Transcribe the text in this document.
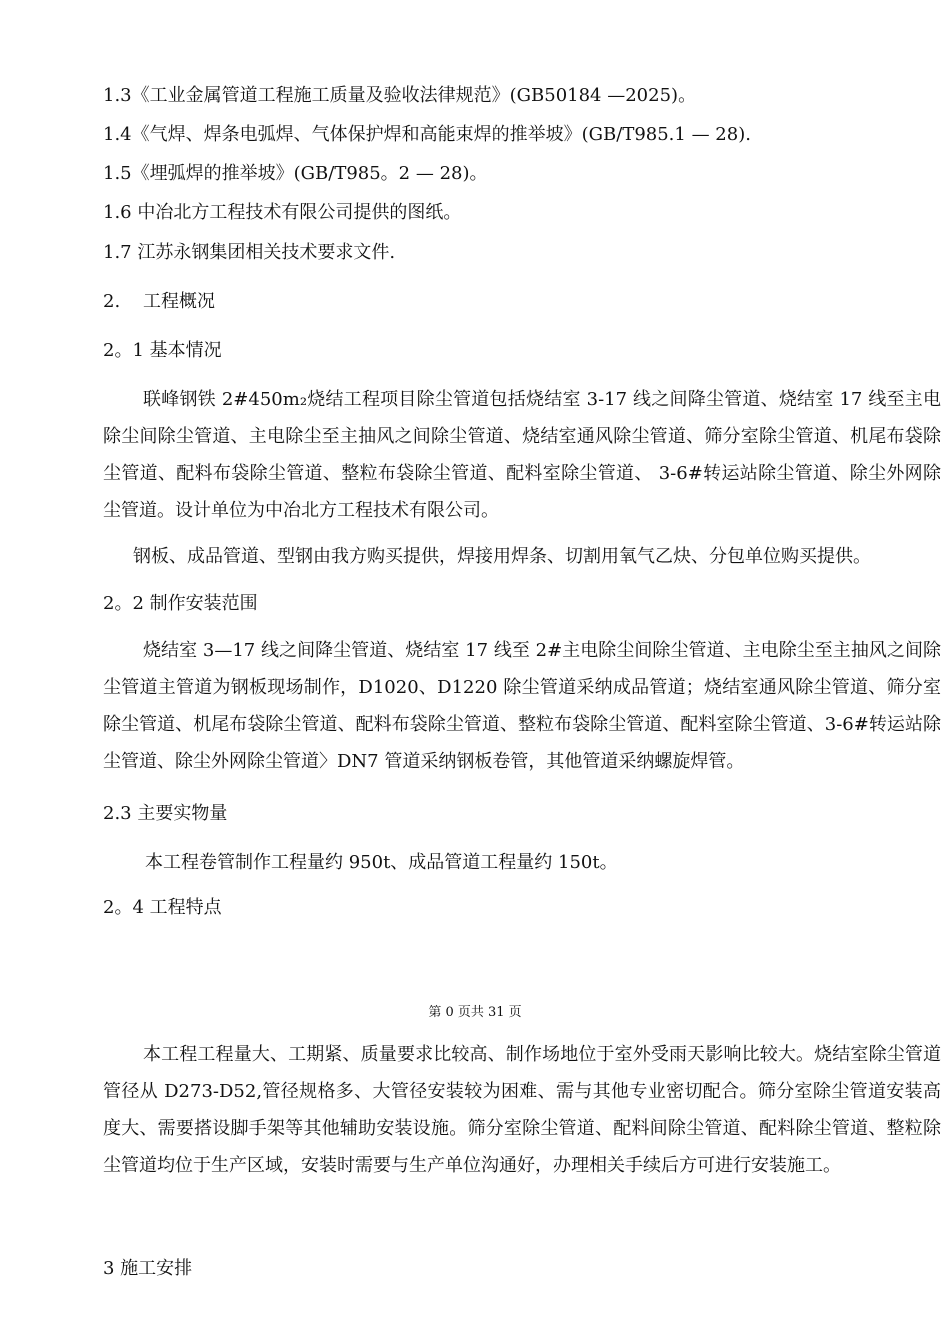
1.3《工业金属管道工程施工质量及验收法律规范》(GB50184 —2025)。

1.4《气焊、焊条电弧焊、气体保护焊和高能束焊的推举坡》(GB/T985.1 — 28).

1.5《埋弧焊的推举坡》(GB/T985。2 — 28)。

1.6 中冶北方工程技术有限公司提供的图纸。

1.7 江苏永钢集团相关技术要求文件.

2.    工程概况

2。1 基本情况

联峰钢铁 2#450m₂烧结工程项目除尘管道包括烧结室 3-17 线之间降尘管道、烧结室 17 线至主电除尘间除尘管道、主电除尘至主抽风之间除尘管道、烧结室通风除尘管道、筛分室除尘管道、机尾布袋除尘管道、配料布袋除尘管道、整粒布袋除尘管道、配料室除尘管道、 3-6#转运站除尘管道、除尘外网除尘管道。设计单位为中冶北方工程技术有限公司。

钢板、成品管道、型钢由我方购买提供，焊接用焊条、切割用氧气乙炔、分包单位购买提供。

2。2 制作安装范围

烧结室 3—17 线之间降尘管道、烧结室 17 线至 2#主电除尘间除尘管道、主电除尘至主抽风之间除尘管道主管道为钢板现场制作，D1020、D1220 除尘管道采纳成品管道；烧结室通风除尘管道、筛分室除尘管道、机尾布袋除尘管道、配料布袋除尘管道、整粒布袋除尘管道、配料室除尘管道、3-6#转运站除尘管道、除尘外网除尘管道〉DN7 管道采纳钢板卷管，其他管道采纳螺旋焊管。

2.3 主要实物量

本工程卷管制作工程量约 950t、成品管道工程量约 150t。

2。4 工程特点

第 0 页共 31 页

本工程工程量大、工期紧、质量要求比较高、制作场地位于室外受雨天影响比较大。烧结室除尘管道管径从 D273-D52,管径规格多、大管径安装较为困难、需与其他专业密切配合。筛分室除尘管道安装高度大、需要搭设脚手架等其他辅助安装设施。筛分室除尘管道、配料间除尘管道、配料除尘管道、整粒除尘管道均位于生产区域，安装时需要与生产单位沟通好，办理相关手续后方可进行安装施工。

3 施工安排
